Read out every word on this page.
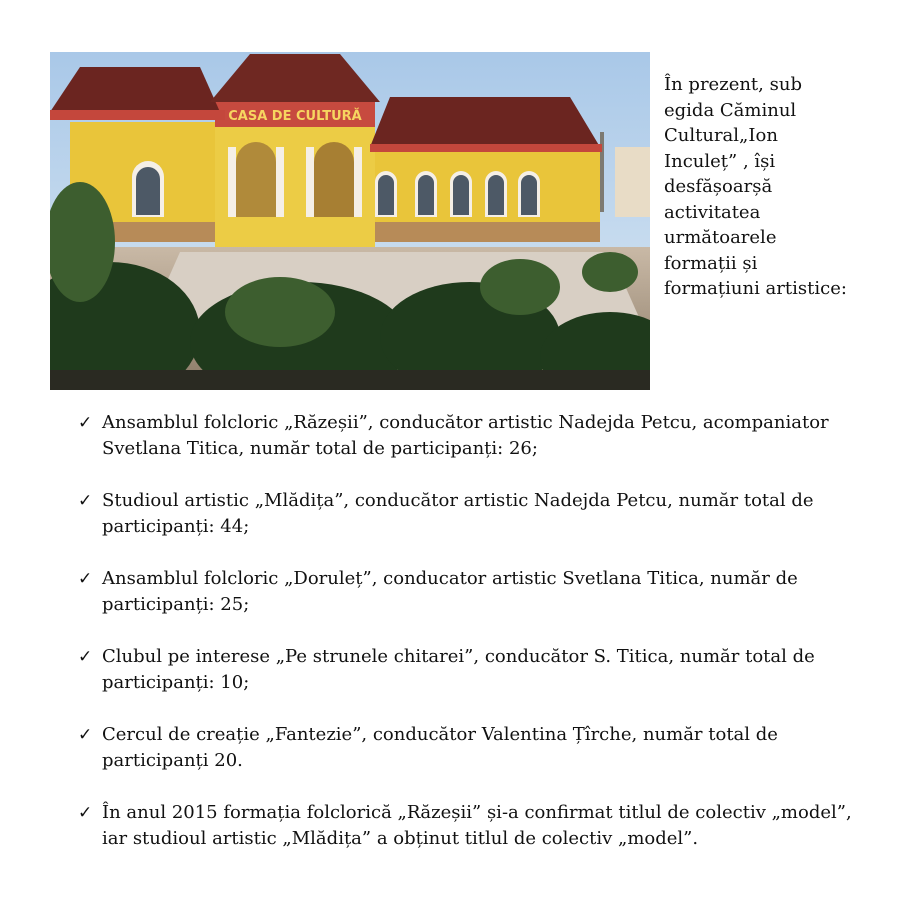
CASA DE CULTURĂ
În prezent, sub
egida Căminul
Cultural„Ion
Inculeț” , își
desfășoarșă
activitatea
următoarele
formații și
formațiuni artistice:
✓ Ansamblul folcloric „Răzeșii”, conducător artistic Nadejda Petcu, acompaniator Svetlana Titica, număr total de participanți: 26;
✓ Studioul artistic „Mlădița”, conducător artistic Nadejda Petcu, număr total de participanți: 44;
✓ Ansamblul folcloric „Doruleț”, conducator artistic Svetlana Titica, număr de participanți: 25;
✓ Clubul pe interese „Pe strunele chitarei”, conducător S. Titica, număr total de participanți: 10;
✓ Cercul de creație „Fantezie”, conducător Valentina Țîrche, număr total de participanți 20.
✓ În anul 2015 formația folclorică „Răzeșii” și-a confirmat titlul de colectiv „model”, iar studioul artistic „Mlădița” a obținut titlul de colectiv „model”.
